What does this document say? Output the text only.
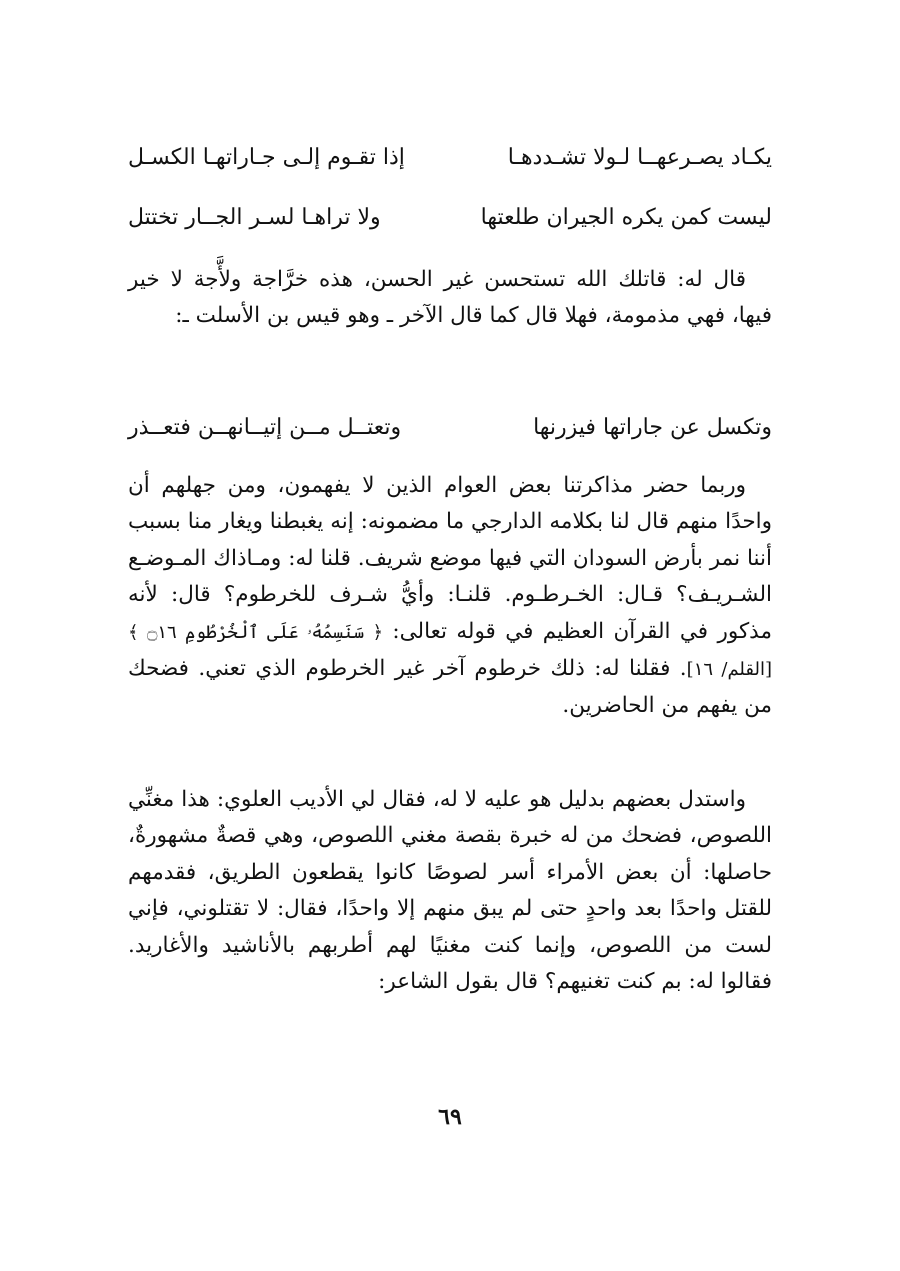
يكـاد يصـرعهــا لـولا تشـددهـا
إذا تقـوم إلـى جـاراتهـا الكسـل
ليست كمن يكره الجيران طلعتها
ولا تراهـا لسـر الجــار تختتل

قال له: قاتلك الله تستحسن غير الحسن، هذه خرَّاجة ولأَّجة لا خير فيها، فهي مذمومة، فهلا قال كما قال الآخر ـ وهو قيس بن الأسلت ـ:

وتكسل عن جاراتها فيزرنها
وتعتــل مــن إتيــانهــن فتعــذر

وربما حضر مذاكرتنا بعض العوام الذين لا يفهمون، ومن جهلهم أن واحدًا منهم قال لنا بكلامه الدارجي ما مضمونه: إنه يغبطنا ويغار منا بسبب أننا نمر بأرض السودان التي فيها موضع شريف. قلنا له: ومـاذاك المـوضـع الشـريـف؟ قـال: الخـرطـوم. قلنـا: وأيُّ شـرف للخرطوم؟ قال: لأنه مذكور في القرآن العظيم في قوله تعالى: ﴿ سَنَسِمُهُۥ عَلَى ٱلْخُرْطُومِ ۝١٦ ﴾ [القلم/ ١٦]. فقلنا له: ذلك خرطوم آخر غير الخرطوم الذي تعني. فضحك من يفهم من الحاضرين.

واستدل بعضهم بدليل هو عليه لا له، فقال لي الأديب العلوي: هذا مغنِّي اللصوص، فضحك من له خبرة بقصة مغني اللصوص، وهي قصةٌ مشهورةٌ، حاصلها: أن بعض الأمراء أسر لصوصًا كانوا يقطعون الطريق، فقدمهم للقتل واحدًا بعد واحدٍ حتى لم يبق منهم إلا واحدًا، فقال: لا تقتلوني، فإني لست من اللصوص، وإنما كنت مغنيًا لهم أطربهم بالأناشيد والأغاريد. فقالوا له: بم كنت تغنيهم؟ قال بقول الشاعر:

٦٩
